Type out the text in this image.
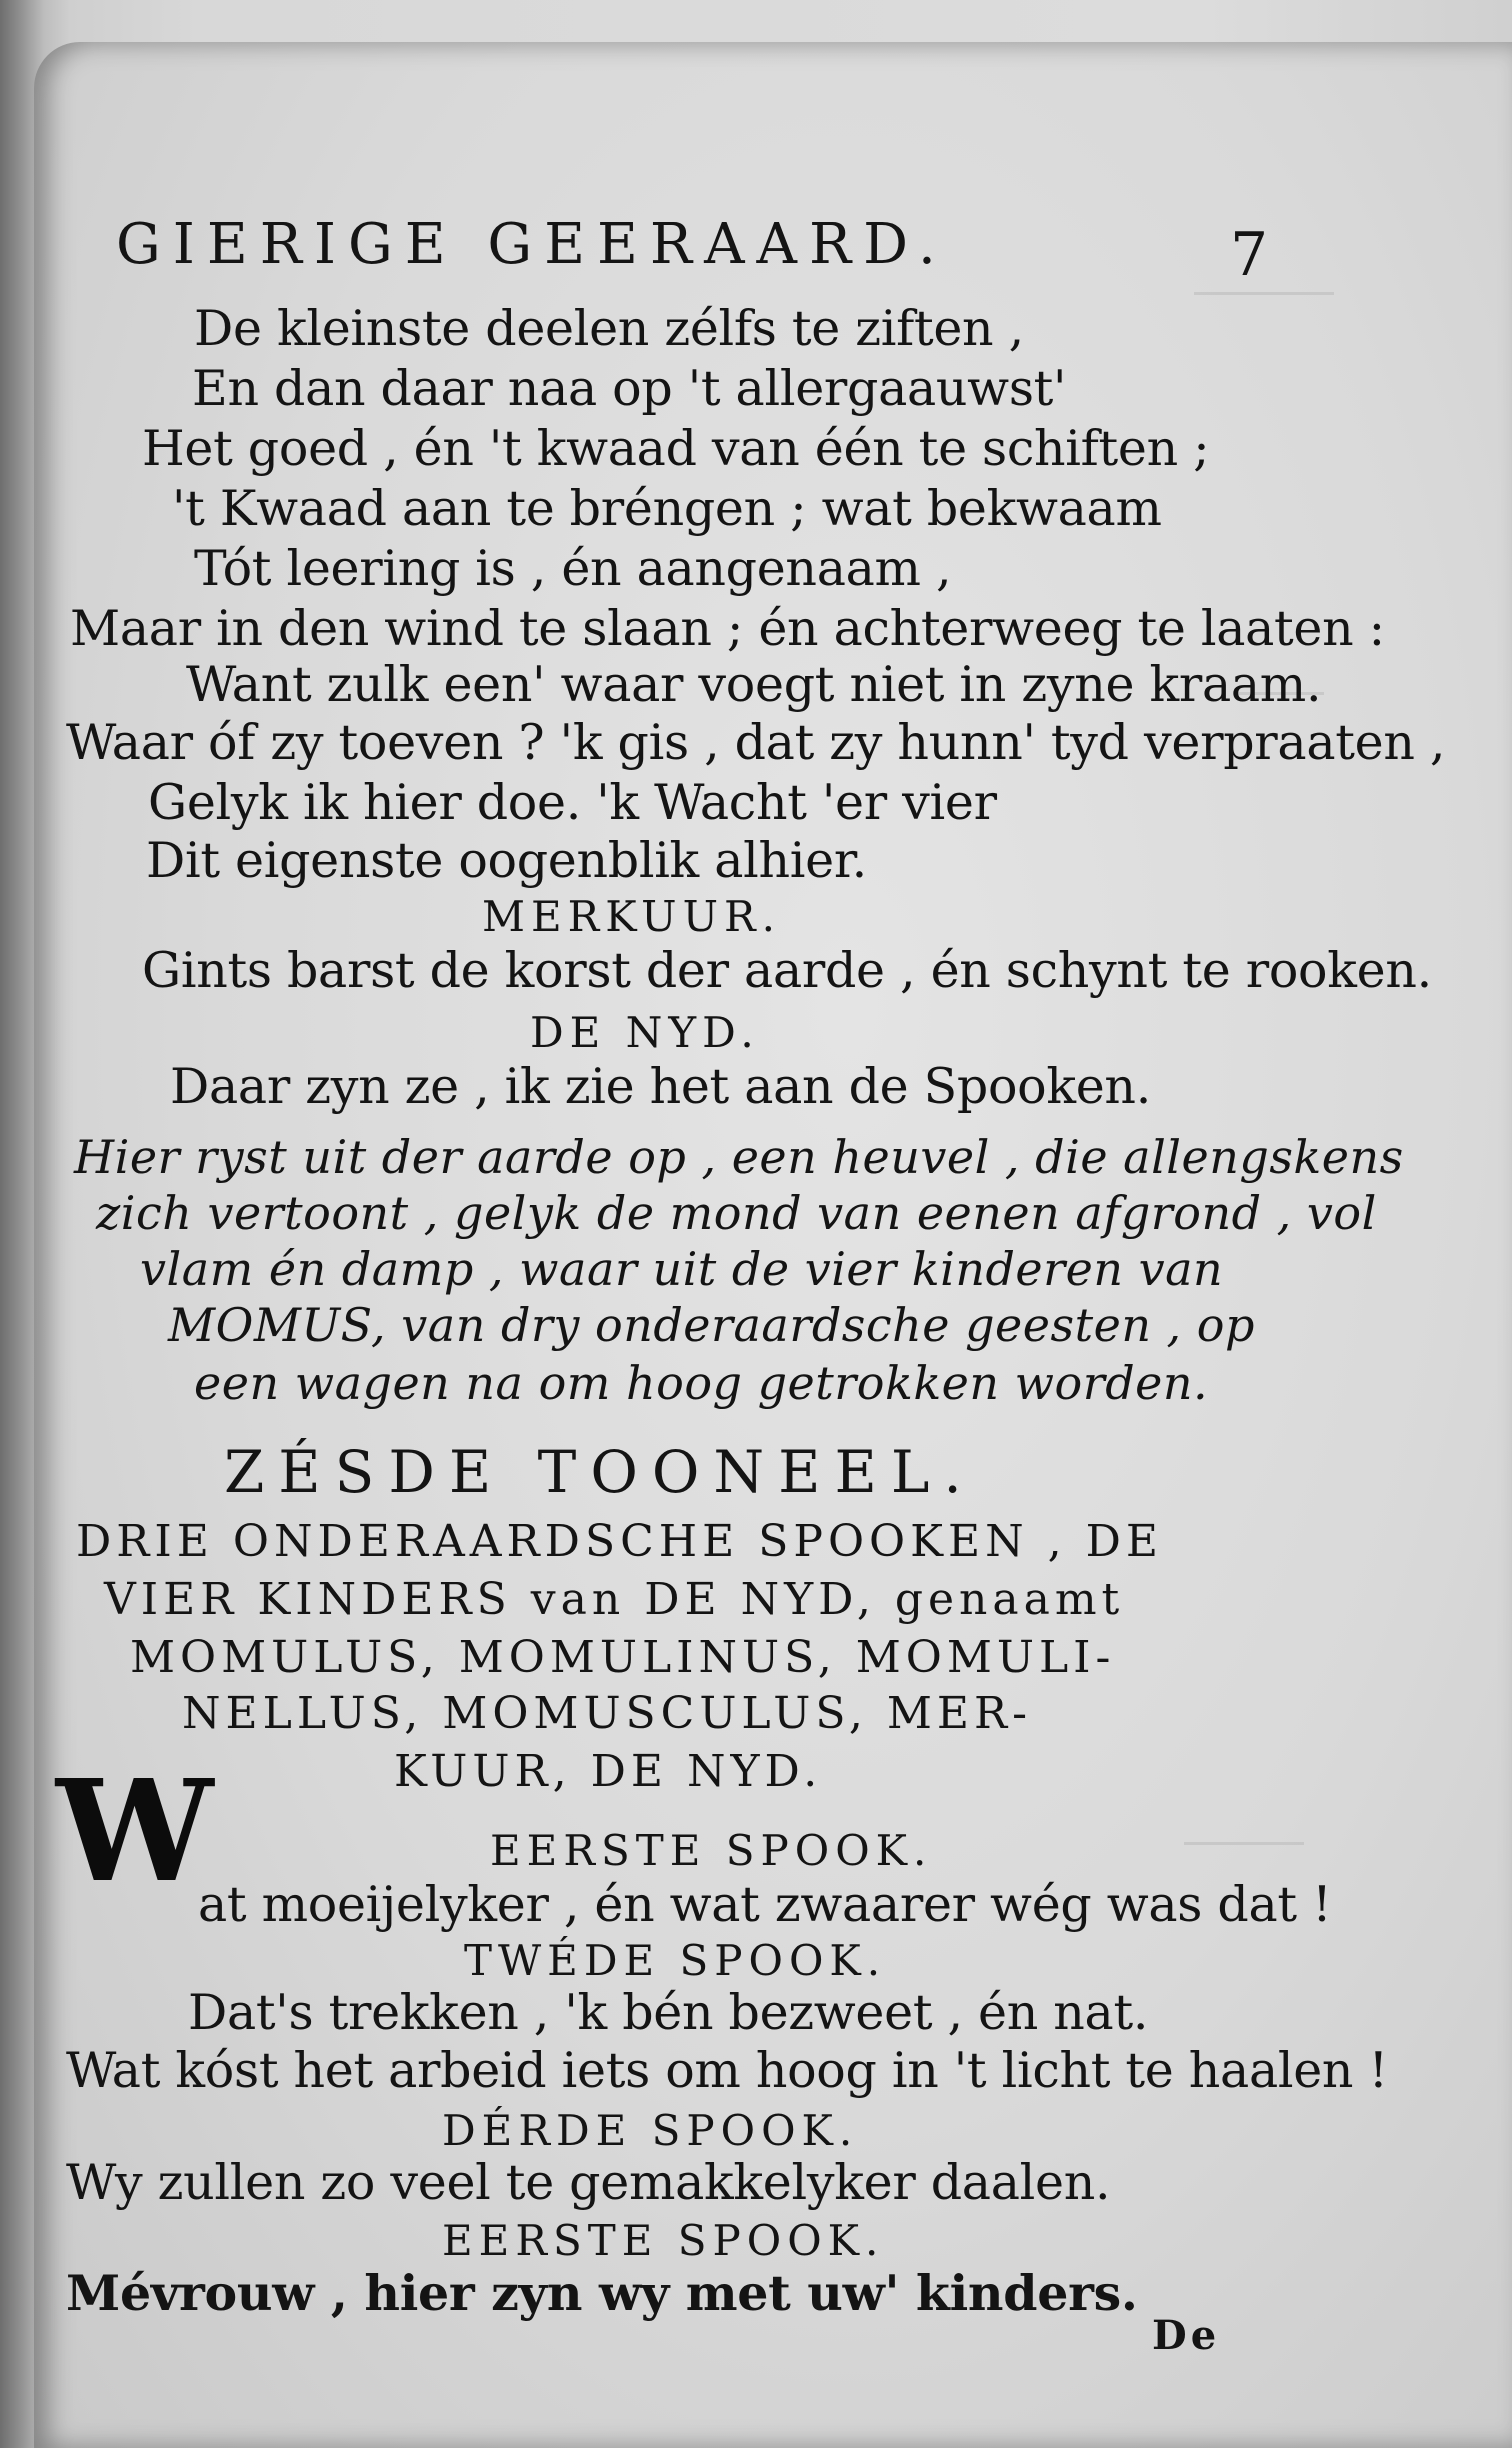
GIERIGE GEERAARD.	7
De kleinste deelen zélfs te ziften ,
En dan daar naa op 't allergaauwst'
Het goed , én 't kwaad van één te schiften ;
't Kwaad aan te bréngen ; wat bekwaam
Tót leering is , én aangenaam ,
Maar in den wind te slaan ; én achterweeg te laaten :
Want zulk een' waar voegt niet in zyne kraam.
Waar óf zy toeven ? 'k gis , dat zy hunn' tyd verpraaten ,
Gelyk ik hier doe. 'k Wacht 'er vier
Dit eigenste oogenblik alhier.
MERKUUR.
Gints barst de korst der aarde , én schynt te rooken.
DE NYD.
Daar zyn ze , ik zie het aan de Spooken.
Hier ryst uit der aarde op , een heuvel , die allengskens
zich vertoont , gelyk de mond van eenen afgrond , vol
vlam én damp , waar uit de vier kinderen van
MOMUS, van dry onderaardsche geesten , op
een wagen na om hoog getrokken worden.
ZÉSDE TOONEEL.
DRIE ONDERAARDSCHE SPOOKEN , DE
VIER KINDERS van DE NYD, genaamt
MOMULUS, MOMULINUS, MOMULI-
NELLUS, MOMUSCULUS, MER-
KUUR, DE NYD.
W	EERSTE SPOOK.
at moeijelyker , én wat zwaarer wég was dat !
TWÉDE SPOOK.
Dat's trekken , 'k bén bezweet , én nat.
Wat kóst het arbeid iets om hoog in 't licht te haalen !
DÉRDE SPOOK.
Wy zullen zo veel te gemakkelyker daalen.
EERSTE SPOOK.
Mévrouw , hier zyn wy met uw' kinders.
De
